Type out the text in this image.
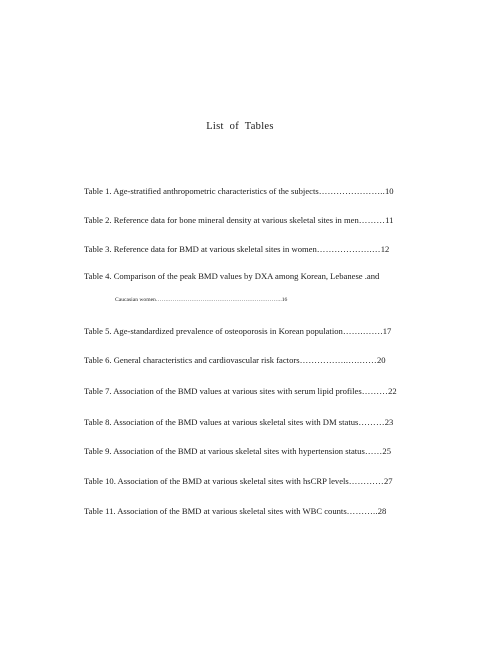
List of Tables
Table 1. Age-stratified anthropometric characteristics of the subjects…………………..10
Table 2. Reference data for bone mineral density at various skeletal sites in men………11
Table 3. Reference data for BMD at various skeletal sites in women……………….…12
Table 4. Comparison of the peak BMD values by DXA among Korean, Lebanese .and
Caucasian women…………………………………………………………..16
Table 5. Age-standardized prevalence of osteoporosis in Korean population…….…….17
Table 6. General characteristics and cardiovascular risk factors……………..….……20
Table 7. Association of the BMD values at various sites with serum lipid profiles………22
Table 8. Association of the BMD values at various skeletal sites with DM status………23
Table 9. Association of the BMD at various skeletal sites with hypertension status……25
Table 10. Association of the BMD at various skeletal sites with hsCRP levels…………27
Table 11. Association of the BMD at various skeletal sites with WBC counts………..28
